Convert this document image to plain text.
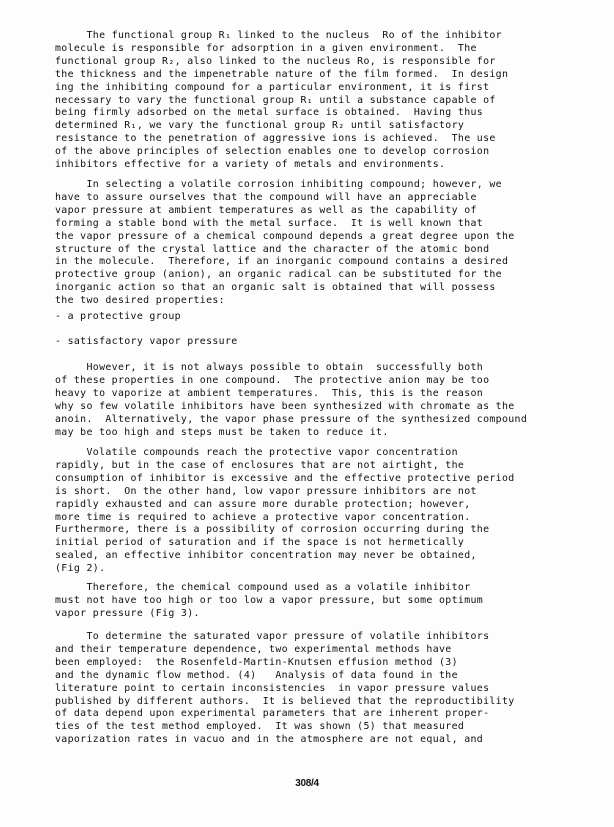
The functional group R₁ linked to the nucleus  Ro of the inhibitor
molecule is responsible for adsorption in a given environment.  The
functional group R₂, also linked to the nucleus Ro, is responsible for
the thickness and the impenetrable nature of the film formed.  In design
ing the inhibiting compound for a particular environment, it is first
necessary to vary the functional group R₁ until a substance capable of
being firmly adsorbed on the metal surface is obtained.  Having thus
determined R₁, we vary the functional group R₂ until satisfactory
resistance to the penetration of aggressive ions is achieved.  The use
of the above principles of selection enables one to develop corrosion
inhibitors effective for a variety of metals and environments.
In selecting a volatile corrosion inhibiting compound; however, we
have to assure ourselves that the compound will have an appreciable
vapor pressure at ambient temperatures as well as the capability of
forming a stable bond with the metal surface.  It is well known that
the vapor pressure of a chemical compound depends a great degree upon the
structure of the crystal lattice and the character of the atomic bond
in the molecule.  Therefore, if an inorganic compound contains a desired
protective group (anion), an organic radical can be substituted for the
inorganic action so that an organic salt is obtained that will possess
the two desired properties:
- a protective group
- satisfactory vapor pressure
However, it is not always possible to obtain  successfully both
of these properties in one compound.  The protective anion may be too
heavy to vaporize at ambient temperatures.  This, this is the reason
why so few volatile inhibitors have been synthesized with chromate as the
anoin.  Alternatively, the vapor phase pressure of the synthesized compound
may be too high and steps must be taken to reduce it.
Volatile compounds reach the protective vapor concentration
rapidly, but in the case of enclosures that are not airtight, the
consumption of inhibitor is excessive and the effective protective period
is short.  On the other hand, low vapor pressure inhibitors are not
rapidly exhausted and can assure more durable protection; however,
more time is required to achieve a protective vapor concentration.
Furthermore, there is a possibility of corrosion occurring during the
initial period of saturation and if the space is not hermetically
sealed, an effective inhibitor concentration may never be obtained,
(Fig 2).
Therefore, the chemical compound used as a volatile inhibitor
must not have too high or too low a vapor pressure, but some optimum
vapor pressure (Fig 3).
To determine the saturated vapor pressure of volatile inhibitors
and their temperature dependence, two experimental methods have
been employed:  the Rosenfeld-Martin-Knutsen effusion method (3)
and the dynamic flow method. (4)   Analysis of data found in the
literature point to certain inconsistencies  in vapor pressure values
published by different authors.  It is believed that the reproductibility
of data depend upon experimental parameters that are inherent proper-
ties of the test method employed.  It was shown (5) that measured
vaporization rates in vacuo and in the atmosphere are not equal, and
308/4
